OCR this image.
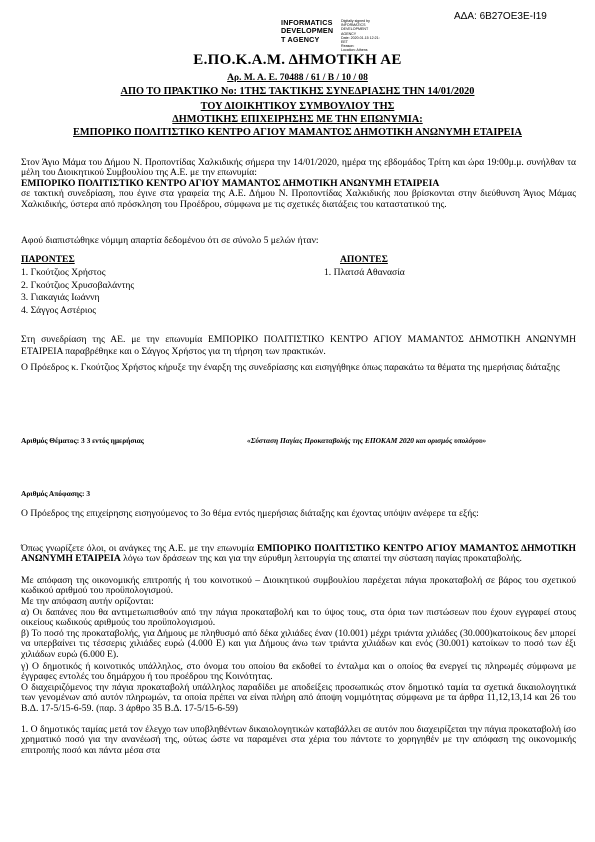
ΑΔΑ: 6Β27ΟΕ3Ε-Ι19
INFORMATICS
DEVELOPMEN
T AGENCY
Digitally signed by
INFORMATICS
DEVELOPMENT AGENCY
Date: 2020.01.15 12:21:
EET
Reason:
Location: Athens
Ε.ΠΟ.Κ.Α.Μ. ΔΗΜΟΤΙΚΗ ΑΕ
Αρ. Μ. Α. Ε. 70488 / 61 / Β / 10 / 08
ΑΠΟ ΤΟ ΠΡΑΚΤΙΚΟ Νο: 1ΤΗΣ ΤΑΚΤΙΚΗΣ ΣΥΝΕΔΡΙΑΣΗΣ ΤΗΝ 14/01/2020
ΤΟΥ ΔΙΟΙΚΗΤΙΚΟΥ ΣΥΜΒΟΥΛΙΟΥ ΤΗΣ
ΔΗΜΟΤΙΚΗΣ ΕΠΙΧΕΙΡΗΣΗΣ ΜΕ ΤΗΝ ΕΠΩΝΥΜΙΑ:
ΕΜΠΟΡΙΚΟ ΠΟΛΙΤΙΣΤΙΚΟ ΚΕΝΤΡΟ ΑΓΙΟΥ ΜΑΜΑΝΤΟΣ ΔΗΜΟΤΙΚΗ ΑΝΩΝΥΜΗ ΕΤΑΙΡΕΙΑ
Στον Άγιο Μάμα του Δήμου Ν. Προποντίδας Χαλκιδικής σήμερα την 14/01/2020, ημέρα της εβδομάδος Τρίτη και ώρα 19:00μ.μ. συνήλθαν τα μέλη του Διοικητικού Συμβουλίου της Α.Ε. με την επωνυμία:
ΕΜΠΟΡΙΚΟ ΠΟΛΙΤΙΣΤΙΚΟ ΚΕΝΤΡΟ ΑΓΙΟΥ ΜΑΜΑΝΤΟΣ ΔΗΜΟΤΙΚΗ ΑΝΩΝΥΜΗ ΕΤΑΙΡΕΙΑ
σε τακτική συνεδρίαση, που έγινε στα γραφεία της Α.Ε. Δήμου Ν. Προποντίδας Χαλκιδικής που βρίσκονται στην διεύθυνση Άγιος Μάμας Χαλκιδικής, ύστερα από πρόσκληση του Προέδρου, σύμφωνα με τις σχετικές διατάξεις του καταστατικού της.
Αφού διαπιστώθηκε νόμιμη απαρτία δεδομένου ότι σε σύνολο 5 μελών ήταν:
ΠΑΡΟΝΤΕΣ
1. Γκούτζιος Χρήστος
2. Γκούτζιος Χρυσοβαλάντης
3. Γιακαγιάς Ιωάννη
4. Σάγγος Αστέριος
ΑΠΟΝΤΕΣ
1. Πλατσά Αθανασία
Στη συνεδρίαση της ΑΕ. με την επωνυμία ΕΜΠΟΡΙΚΟ ΠΟΛΙΤΙΣΤΙΚΟ ΚΕΝΤΡΟ ΑΓΙΟΥ ΜΑΜΑΝΤΟΣ ΔΗΜΟΤΙΚΗ ΑΝΩΝΥΜΗ ΕΤΑΙΡΕΙΑ παραβρέθηκε και ο Σάγγος Χρήστος για τη τήρηση των πρακτικών.
Ο Πρόεδρος κ. Γκούτζιος Χρήστος κήρυξε την έναρξη της συνεδρίασης και εισηγήθηκε όπως παρακάτω τα θέματα της ημερήσιας διάταξης
Αριθμός Θέματος: 3 3 εντός ημερήσιας	«Σύσταση Παγίας Προκαταβολής της ΕΠΟΚΑΜ 2020 και ορισμός υπολόγου»
Αριθμός Απόφασης: 3
Ο Πρόεδρος της επιχείρησης εισηγούμενος το 3ο θέμα εντός ημερήσιας διάταξης και έχοντας υπόψιν ανέφερε τα εξής:
Όπως γνωρίζετε όλοι, οι ανάγκες της Α.Ε. με την επωνυμία ΕΜΠΟΡΙΚΟ ΠΟΛΙΤΙΣΤΙΚΟ ΚΕΝΤΡΟ ΑΓΙΟΥ ΜΑΜΑΝΤΟΣ ΔΗΜΟΤΙΚΗ ΑΝΩΝΥΜΗ ΕΤΑΙΡΕΙΑ λόγω των δράσεων της και για την εύρυθμη λειτουργία της απαιτεί την σύσταση παγίας προκαταβολής.
Με απόφαση της οικονομικής επιτροπής ή του κοινοτικού – Διοικητικού συμβουλίου παρέχεται πάγια προκαταβολή σε βάρος του σχετικού κωδικού αριθμού του προϋπολογισμού.
Με την απόφαση αυτήν ορίζονται:
α) Οι δαπάνες που θα αντιμετωπισθούν από την πάγια προκαταβολή και το ύψος τους, στα όρια των πιστώσεων που έχουν εγγραφεί στους οικείους κωδικούς αριθμούς του προϋπολογισμού.
β) Το ποσό της προκαταβολής, για Δήμους με πληθυσμό από δέκα χιλιάδες έναν (10.001) μέχρι τριάντα χιλιάδες (30.000)κατοίκους δεν μπορεί να υπερβαίνει τις τέσσερις χιλιάδες ευρώ (4.000 Ε) και για Δήμους άνω των τριάντα χιλιάδων και ενός (30.001) κατοίκων το ποσό των έξι χιλιάδων ευρώ (6.000 Ε).
γ) Ο δημοτικός ή κοινοτικός υπάλληλος, στο όνομα του οποίου θα εκδοθεί το ένταλμα και ο οποίος θα ενεργεί τις πληρωμές σύμφωνα με έγγραφες εντολές του δημάρχου ή του προέδρου της Κοινότητας.
Ο διαχειριζόμενος την πάγια προκαταβολή υπάλληλος παραδίδει με αποδείξεις προσωπικώς στον δημοτικό ταμία τα σχετικά δικαιολογητικά των γενομένων από αυτόν πληρωμών, τα οποία πρέπει να είναι πλήρη από άποψη νομιμότητας σύμφωνα με τα άρθρα 11,12,13,14 και 26 του Β.Δ. 17-5/15-6-59. (παρ. 3 άρθρο 35 Β.Δ. 17-5/15-6-59)
1. Ο δημοτικός ταμίας μετά τον έλεγχο των υποβληθέντων δικαιολογητικών καταβάλλει σε αυτόν που διαχειρίζεται την πάγια προκαταβολή ίσο χρηματικό ποσό για την ανανέωσή της, ούτως ώστε να παραμένει στα χέρια του πάντοτε το χορηγηθέν με την απόφαση της οικονομικής επιτροπής ποσό και πάντα μέσα στα
